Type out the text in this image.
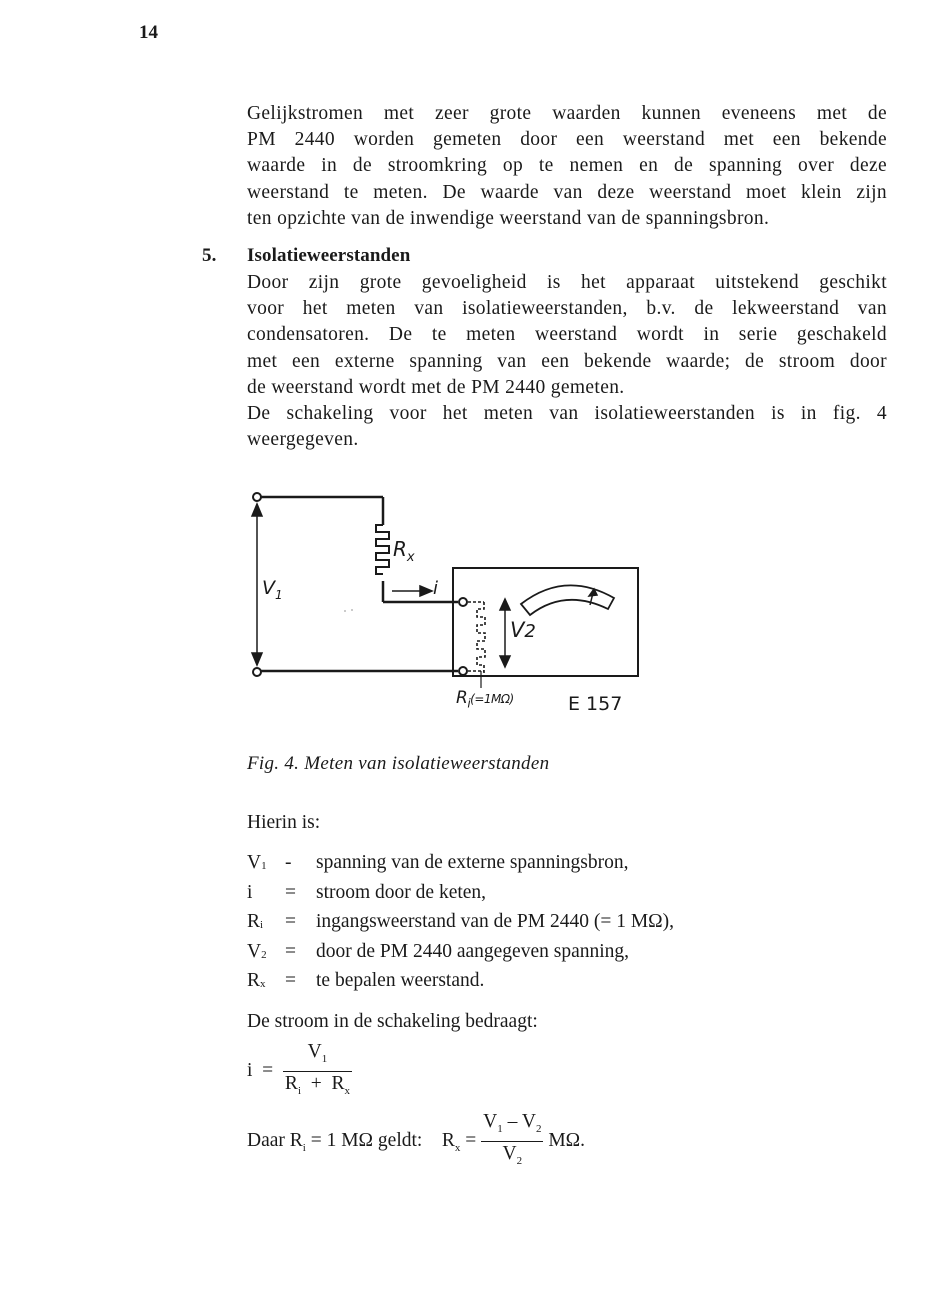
14
Gelijkstromen met zeer grote waarden kunnen eveneens met de
PM 2440 worden gemeten door een weerstand met een bekende
waarde in de stroomkring op te nemen en de spanning over deze
weerstand te meten. De waarde van deze weerstand moet klein zijn
ten opzichte van de inwendige weerstand van de spanningsbron.
5. Isolatieweerstanden
Door zijn grote gevoeligheid is het apparaat uitstekend geschikt
voor het meten van isolatieweerstanden, b.v. de lekweerstand van
condensatoren. De te meten weerstand wordt in serie geschakeld
met een externe spanning van een bekende waarde; de stroom door
de weerstand wordt met de PM 2440 gemeten.
De schakeling voor het meten van isolatieweerstanden is in fig. 4
weergegeven.
$R_x$
i
$V_1$
V2
$R_i(=1M\Omega)$	E 157
Fig. 4. Meten van isolatieweerstanden
Hierin is:
$V_1$ -	spanning van de externe spanningsbron,
i	=	stroom door de keten,
$R_i$	=	ingangsweerstand van de PM 2440 (= 1 MΩ),
$V_2$ =	door de PM 2440 aangegeven spanning,
$R_x$ =	te bepalen weerstand.
De stroom in de schakeling bedraagt:
$i = \frac{V_1}{R_i + R_x}$
Daar $R_i = 1$ MΩ geldt: $R_x = \frac{V_1 - V_2}{V_2} M\Omega$.
